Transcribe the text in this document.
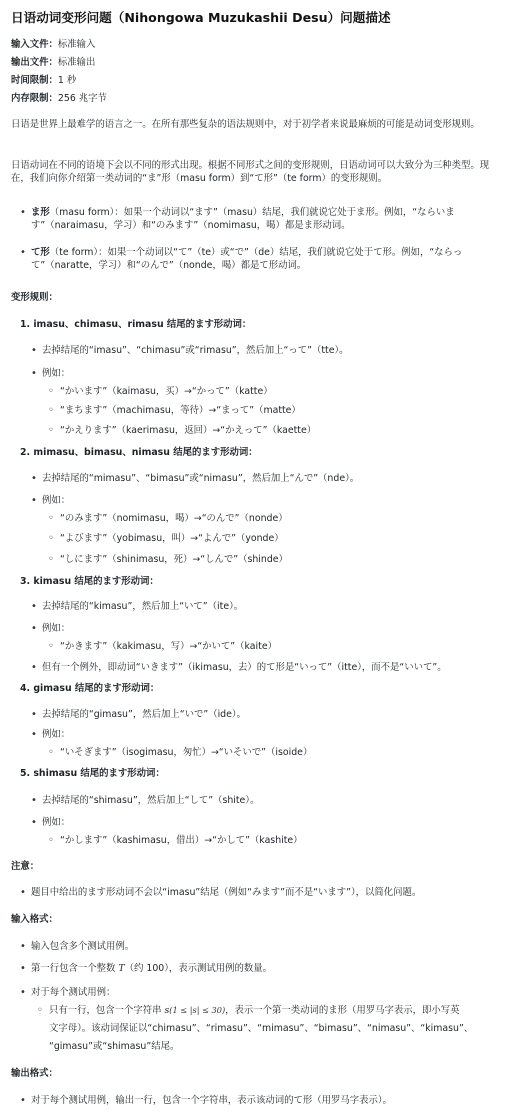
日语动词变形问题（Nihongowa Muzukashii Desu）问题描述
输入文件：标准输入
输出文件：标准输出
时间限制：1 秒
内存限制：256 兆字节
日语是世界上最难学的语言之一。在所有那些复杂的语法规则中，对于初学者来说最麻烦的可能是动词变形规则。
日语动词在不同的语境下会以不同的形式出现。根据不同形式之间的变形规则，日语动词可以大致分为三种类型。现在，我们向你介绍第一类动词的“ま”形（masu form）到“て形”（te form）的变形规则。
• ま形（masu form）：如果一个动词以“ます”（masu）结尾，我们就说它处于ま形。例如，“ならいます”（naraimasu，学习）和“のみます”（nomimasu，喝）都是ま形动词。
• て形（te form）：如果一个动词以“て”（te）或“で”（de）结尾，我们就说它处于て形。例如，“ならって”（naratte，学习）和“のんで”（nonde，喝）都是て形动词。
变形规则：
1. imasu、chimasu、rimasu 结尾的ます形动词：
• 去掉结尾的“imasu”、“chimasu”或“rimasu”，然后加上“って”（tte）。
• 例如：
◦ “かいます”（kaimasu，买）→“かって”（katte）
◦ “まちます”（machimasu，等待）→“まって”（matte）
◦ “かえります”（kaerimasu，返回）→“かえって”（kaette）
2. mimasu、bimasu、nimasu 结尾的ます形动词：
• 去掉结尾的“mimasu”、“bimasu”或“nimasu”，然后加上“んで”（nde）。
• 例如：
◦ “のみます”（nomimasu，喝）→“のんで”（nonde）
◦ “よびます”（yobimasu，叫）→“よんで”（yonde）
◦ “しにます”（shinimasu，死）→“しんで”（shinde）
3. kimasu 结尾的ます形动词：
• 去掉结尾的“kimasu”，然后加上“いて”（ite）。
• 例如：
◦ “かきます”（kakimasu，写）→“かいて”（kaite）
• 但有一个例外，即动词“いきます”（ikimasu，去）的て形是“いって”（itte），而不是“いいて”。
4. gimasu 结尾的ます形动词：
• 去掉结尾的“gimasu”，然后加上“いで”（ide）。
• 例如：
◦ “いそぎます”（isogimasu，匆忙）→“いそいで”（isoide）
5. shimasu 结尾的ます形动词：
• 去掉结尾的“shimasu”，然后加上“して”（shite）。
• 例如：
◦ “かします”（kashimasu，借出）→“かして”（kashite）
注意：
• 题目中给出的ます形动词不会以“imasu”结尾（例如“みます”而不是“います”），以简化问题。
输入格式：
• 输入包含多个测试用例。
• 第一行包含一个整数 T（约 100），表示测试用例的数量。
• 对于每个测试用例：
◦ 只有一行，包含一个字符串 s(1 ≤ |s| ≤ 30)，表示一个第一类动词的ま形（用罗马字表示，即小写英
文字母）。该动词保证以“chimasu”、“rimasu”、“mimasu”、“bimasu”、“nimasu”、“kimasu”、
“gimasu”或“shimasu”结尾。
输出格式：
• 对于每个测试用例，输出一行，包含一个字符串，表示该动词的て形（用罗马字表示）。
